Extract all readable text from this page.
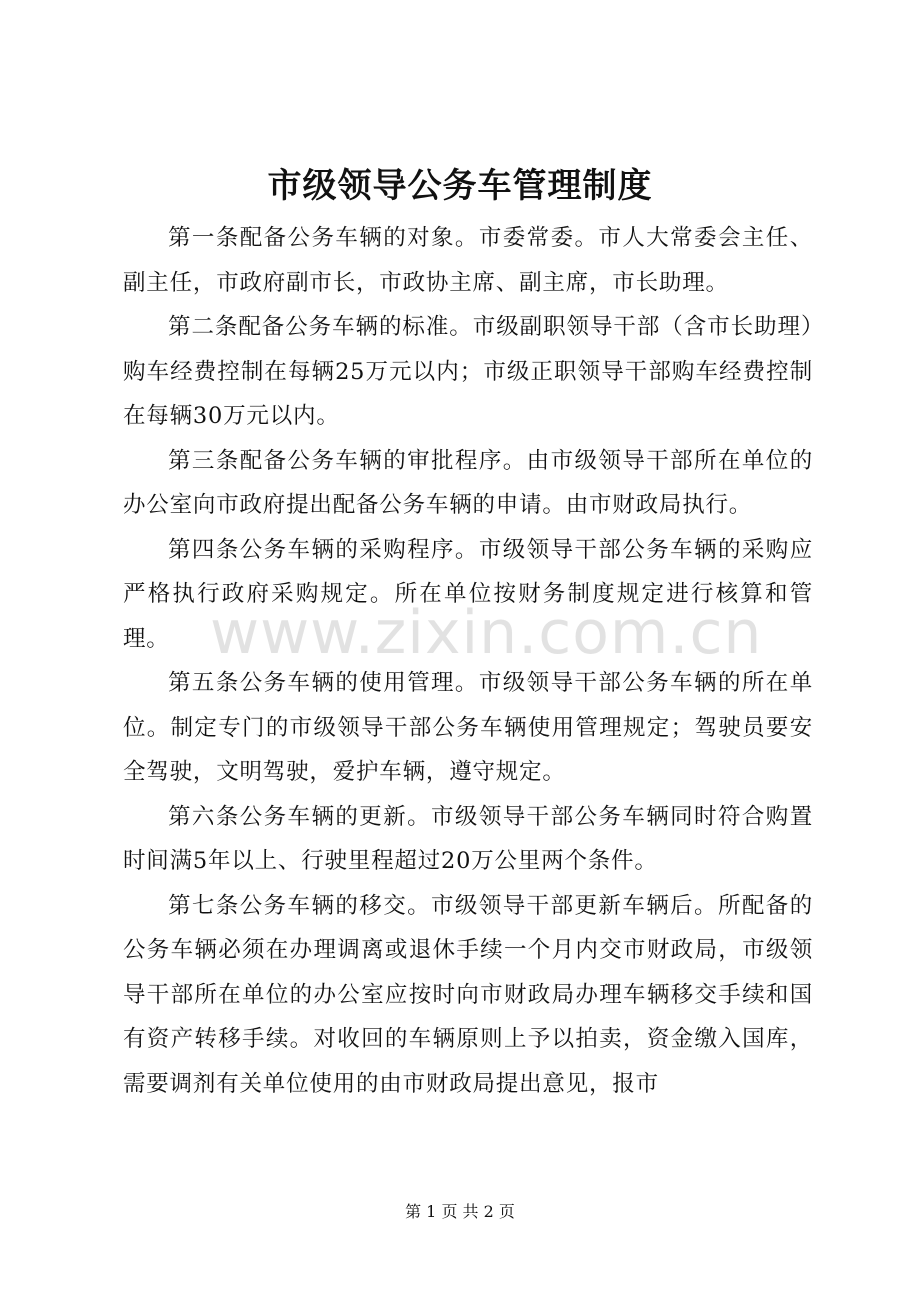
市级领导公务车管理制度

第一条配备公务车辆的对象。市委常委。市人大常委会主任、副主任，市政府副市长，市政协主席、副主席，市长助理。

第二条配备公务车辆的标准。市级副职领导干部（含市长助理）购车经费控制在每辆25万元以内；市级正职领导干部购车经费控制在每辆30万元以内。

第三条配备公务车辆的审批程序。由市级领导干部所在单位的办公室向市政府提出配备公务车辆的申请。由市财政局执行。

第四条公务车辆的采购程序。市级领导干部公务车辆的采购应严格执行政府采购规定。所在单位按财务制度规定进行核算和管理。

第五条公务车辆的使用管理。市级领导干部公务车辆的所在单位。制定专门的市级领导干部公务车辆使用管理规定；驾驶员要安全驾驶，文明驾驶，爱护车辆，遵守规定。

第六条公务车辆的更新。市级领导干部公务车辆同时符合购置时间满5年以上、行驶里程超过20万公里两个条件。

第七条公务车辆的移交。市级领导干部更新车辆后。所配备的公务车辆必须在办理调离或退休手续一个月内交市财政局，市级领导干部所在单位的办公室应按时向市财政局办理车辆移交手续和国有资产转移手续。对收回的车辆原则上予以拍卖，资金缴入国库，需要调剂有关单位使用的由市财政局提出意见，报市

www.zixin.com.cn
第 1 页 共 2 页
